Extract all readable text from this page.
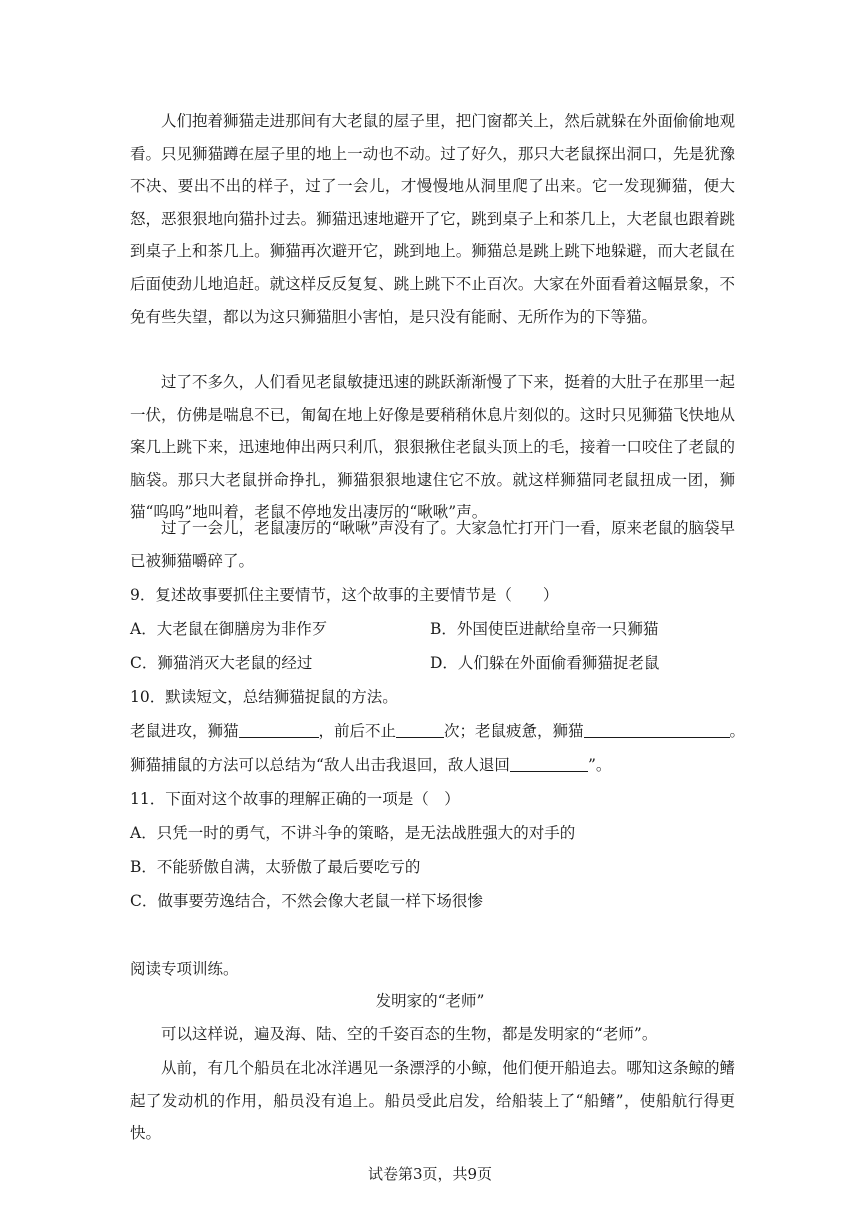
人们抱着狮猫走进那间有大老鼠的屋子里，把门窗都关上，然后就躲在外面偷偷地观看。只见狮猫蹲在屋子里的地上一动也不动。过了好久，那只大老鼠探出洞口，先是犹豫不决、要出不出的样子，过了一会儿，才慢慢地从洞里爬了出来。它一发现狮猫，便大怒，恶狠狠地向猫扑过去。狮猫迅速地避开了它，跳到桌子上和茶几上，大老鼠也跟着跳到桌子上和茶几上。狮猫再次避开它，跳到地上。狮猫总是跳上跳下地躲避，而大老鼠在后面使劲儿地追赶。就这样反反复复、跳上跳下不止百次。大家在外面看着这幅景象，不免有些失望，都以为这只狮猫胆小害怕，是只没有能耐、无所作为的下等猫。

过了不多久，人们看见老鼠敏捷迅速的跳跃渐渐慢了下来，挺着的大肚子在那里一起一伏，仿佛是喘息不已，匍匐在地上好像是要稍稍休息片刻似的。这时只见狮猫飞快地从案几上跳下来，迅速地伸出两只利爪，狠狠揪住老鼠头顶上的毛，接着一口咬住了老鼠的脑袋。那只大老鼠拼命挣扎，狮猫狠狠地逮住它不放。就这样狮猫同老鼠扭成一团，狮猫“呜呜”地叫着，老鼠不停地发出凄厉的“啾啾”声。

过了一会儿，老鼠凄厉的“啾啾”声没有了。大家急忙打开门一看，原来老鼠的脑袋早已被狮猫嚼碎了。

9．复述故事要抓住主要情节，这个故事的主要情节是（　　）

A．大老鼠在御膳房为非作歹	B．外国使臣进献给皇帝一只狮猫

C．狮猫消灭大老鼠的经过	D．人们躲在外面偷看狮猫捉老鼠

10．默读短文，总结狮猫捉鼠的方法。

老鼠进攻，狮猫	，前后不止	次；老鼠疲惫，狮猫	。

狮猫捕鼠的方法可以总结为“敌人出击我退回，敌人退回	”。

11．下面对这个故事的理解正确的一项是（　）

A．只凭一时的勇气，不讲斗争的策略，是无法战胜强大的对手的

B．不能骄傲自满，太骄傲了最后要吃亏的

C．做事要劳逸结合，不然会像大老鼠一样下场很惨

阅读专项训练。

发明家的“老师”

可以这样说，遍及海、陆、空的千姿百态的生物，都是发明家的“老师”。

从前，有几个船员在北冰洋遇见一条漂浮的小鲸，他们便开船追去。哪知这条鲸的鳍起了发动机的作用，船员没有追上。船员受此启发，给船装上了“船鳍”，使船航行得更快。

试卷第3页，共9页
